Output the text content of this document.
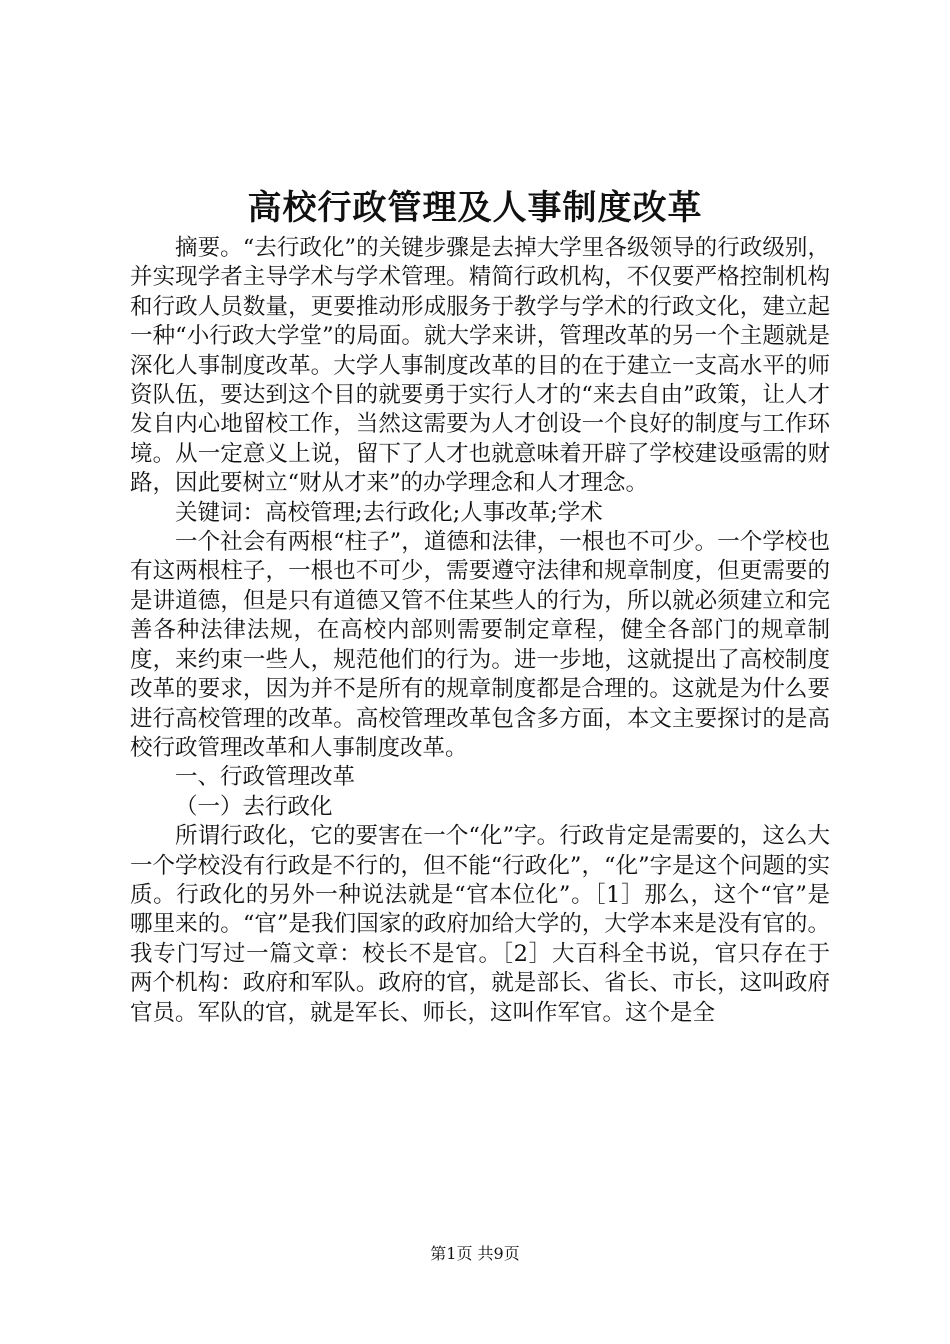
高校行政管理及人事制度改革

摘要。“去行政化”的关键步骤是去掉大学里各级领导的行政级别，并实现学者主导学术与学术管理。精简行政机构，不仅要严格控制机构和行政人员数量，更要推动形成服务于教学与学术的行政文化，建立起一种“小行政大学堂”的局面。就大学来讲，管理改革的另一个主题就是深化人事制度改革。大学人事制度改革的目的在于建立一支高水平的师资队伍，要达到这个目的就要勇于实行人才的“来去自由”政策，让人才发自内心地留校工作，当然这需要为人才创设一个良好的制度与工作环境。从一定意义上说，留下了人才也就意味着开辟了学校建设亟需的财路，因此要树立“财从才来”的办学理念和人才理念。

关键词：高校管理;去行政化;人事改革;学术

一个社会有两根“柱子”，道德和法律，一根也不可少。一个学校也有这两根柱子，一根也不可少，需要遵守法律和规章制度，但更需要的是讲道德，但是只有道德又管不住某些人的行为，所以就必须建立和完善各种法律法规，在高校内部则需要制定章程，健全各部门的规章制度，来约束一些人，规范他们的行为。进一步地，这就提出了高校制度改革的要求，因为并不是所有的规章制度都是合理的。这就是为什么要进行高校管理的改革。高校管理改革包含多方面，本文主要探讨的是高校行政管理改革和人事制度改革。

一、行政管理改革

（一）去行政化

所谓行政化，它的要害在一个“化”字。行政肯定是需要的，这么大一个学校没有行政是不行的，但不能“行政化”，“化”字是这个问题的实质。行政化的另外一种说法就是“官本位化”。［1］那么，这个“官”是哪里来的。“官”是我们国家的政府加给大学的，大学本来是没有官的。我专门写过一篇文章：校长不是官。［2］大百科全书说，官只存在于两个机构：政府和军队。政府的官，就是部长、省长、市长，这叫政府官员。军队的官，就是军长、师长，这叫作军官。这个是全

第1页 共9页
